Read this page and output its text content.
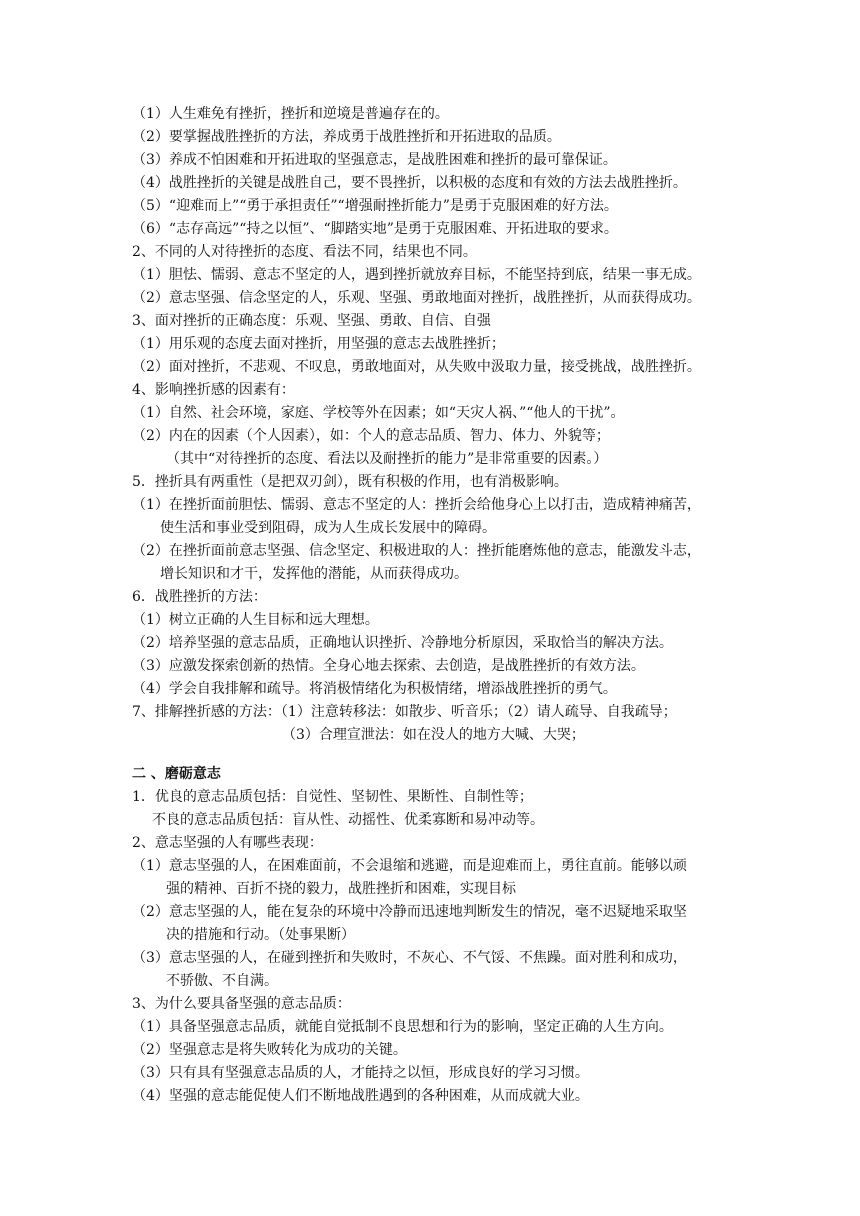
（1）人生难免有挫折，挫折和逆境是普遍存在的。
（2）要掌握战胜挫折的方法，养成勇于战胜挫折和开拓进取的品质。
（3）养成不怕困难和开拓进取的坚强意志，是战胜困难和挫折的最可靠保证。
（4）战胜挫折的关键是战胜自己，要不畏挫折，以积极的态度和有效的方法去战胜挫折。
（5）“迎难而上”“勇于承担责任”“增强耐挫折能力”是勇于克服困难的好方法。
（6）“志存高远”“持之以恒”、“脚踏实地”是勇于克服困难、开拓进取的要求。
2、不同的人对待挫折的态度、看法不同，结果也不同。
（1）胆怯、懦弱、意志不坚定的人，遇到挫折就放弃目标，不能坚持到底，结果一事无成。
（2）意志坚强、信念坚定的人，乐观、坚强、勇敢地面对挫折，战胜挫折，从而获得成功。
3、面对挫折的正确态度：乐观、坚强、勇敢、自信、自强
（1）用乐观的态度去面对挫折，用坚强的意志去战胜挫折；
（2）面对挫折，不悲观、不叹息，勇敢地面对，从失败中汲取力量，接受挑战，战胜挫折。
4、影响挫折感的因素有：
（1）自然、社会环境，家庭、学校等外在因素；如“天灾人祸、”“他人的干扰”。
（2）内在的因素（个人因素），如：个人的意志品质、智力、体力、外貌等；
（其中“对待挫折的态度、看法以及耐挫折的能力”是非常重要的因素。）
5．挫折具有两重性（是把双刃剑），既有积极的作用，也有消极影响。
（1）在挫折面前胆怯、懦弱、意志不坚定的人：挫折会给他身心上以打击，造成精神痛苦，
使生活和事业受到阻碍，成为人生成长发展中的障碍。
（2）在挫折面前意志坚强、信念坚定、积极进取的人：挫折能磨炼他的意志，能激发斗志，
增长知识和才干，发挥他的潜能，从而获得成功。
6．战胜挫折的方法：
（1）树立正确的人生目标和远大理想。
（2）培养坚强的意志品质，正确地认识挫折、冷静地分析原因，采取恰当的解决方法。
（3）应激发探索创新的热情。全身心地去探索、去创造，是战胜挫折的有效方法。
（4）学会自我排解和疏导。将消极情绪化为积极情绪，增添战胜挫折的勇气。
7、排解挫折感的方法：（1）注意转移法：如散步、听音乐；（2）请人疏导、自我疏导；
（3）合理宣泄法：如在没人的地方大喊、大哭；
二 、磨砺意志
1．优良的意志品质包括：自觉性、坚韧性、果断性、自制性等；
不良的意志品质包括：盲从性、动摇性、优柔寡断和易冲动等。
2、意志坚强的人有哪些表现：
（1）意志坚强的人，在困难面前，不会退缩和逃避，而是迎难而上，勇往直前。能够以顽
强的精神、百折不挠的毅力，战胜挫折和困难，实现目标
（2）意志坚强的人，能在复杂的环境中冷静而迅速地判断发生的情况，毫不迟疑地采取坚
决的措施和行动。（处事果断）
（3）意志坚强的人，在碰到挫折和失败时，不灰心、不气馁、不焦躁。面对胜利和成功，
不骄傲、不自满。
3、为什么要具备坚强的意志品质：
（1）具备坚强意志品质，就能自觉抵制不良思想和行为的影响，坚定正确的人生方向。
（2）坚强意志是将失败转化为成功的关键。
（3）只有具有坚强意志品质的人，才能持之以恒，形成良好的学习习惯。
（4）坚强的意志能促使人们不断地战胜遇到的各种困难，从而成就大业。
